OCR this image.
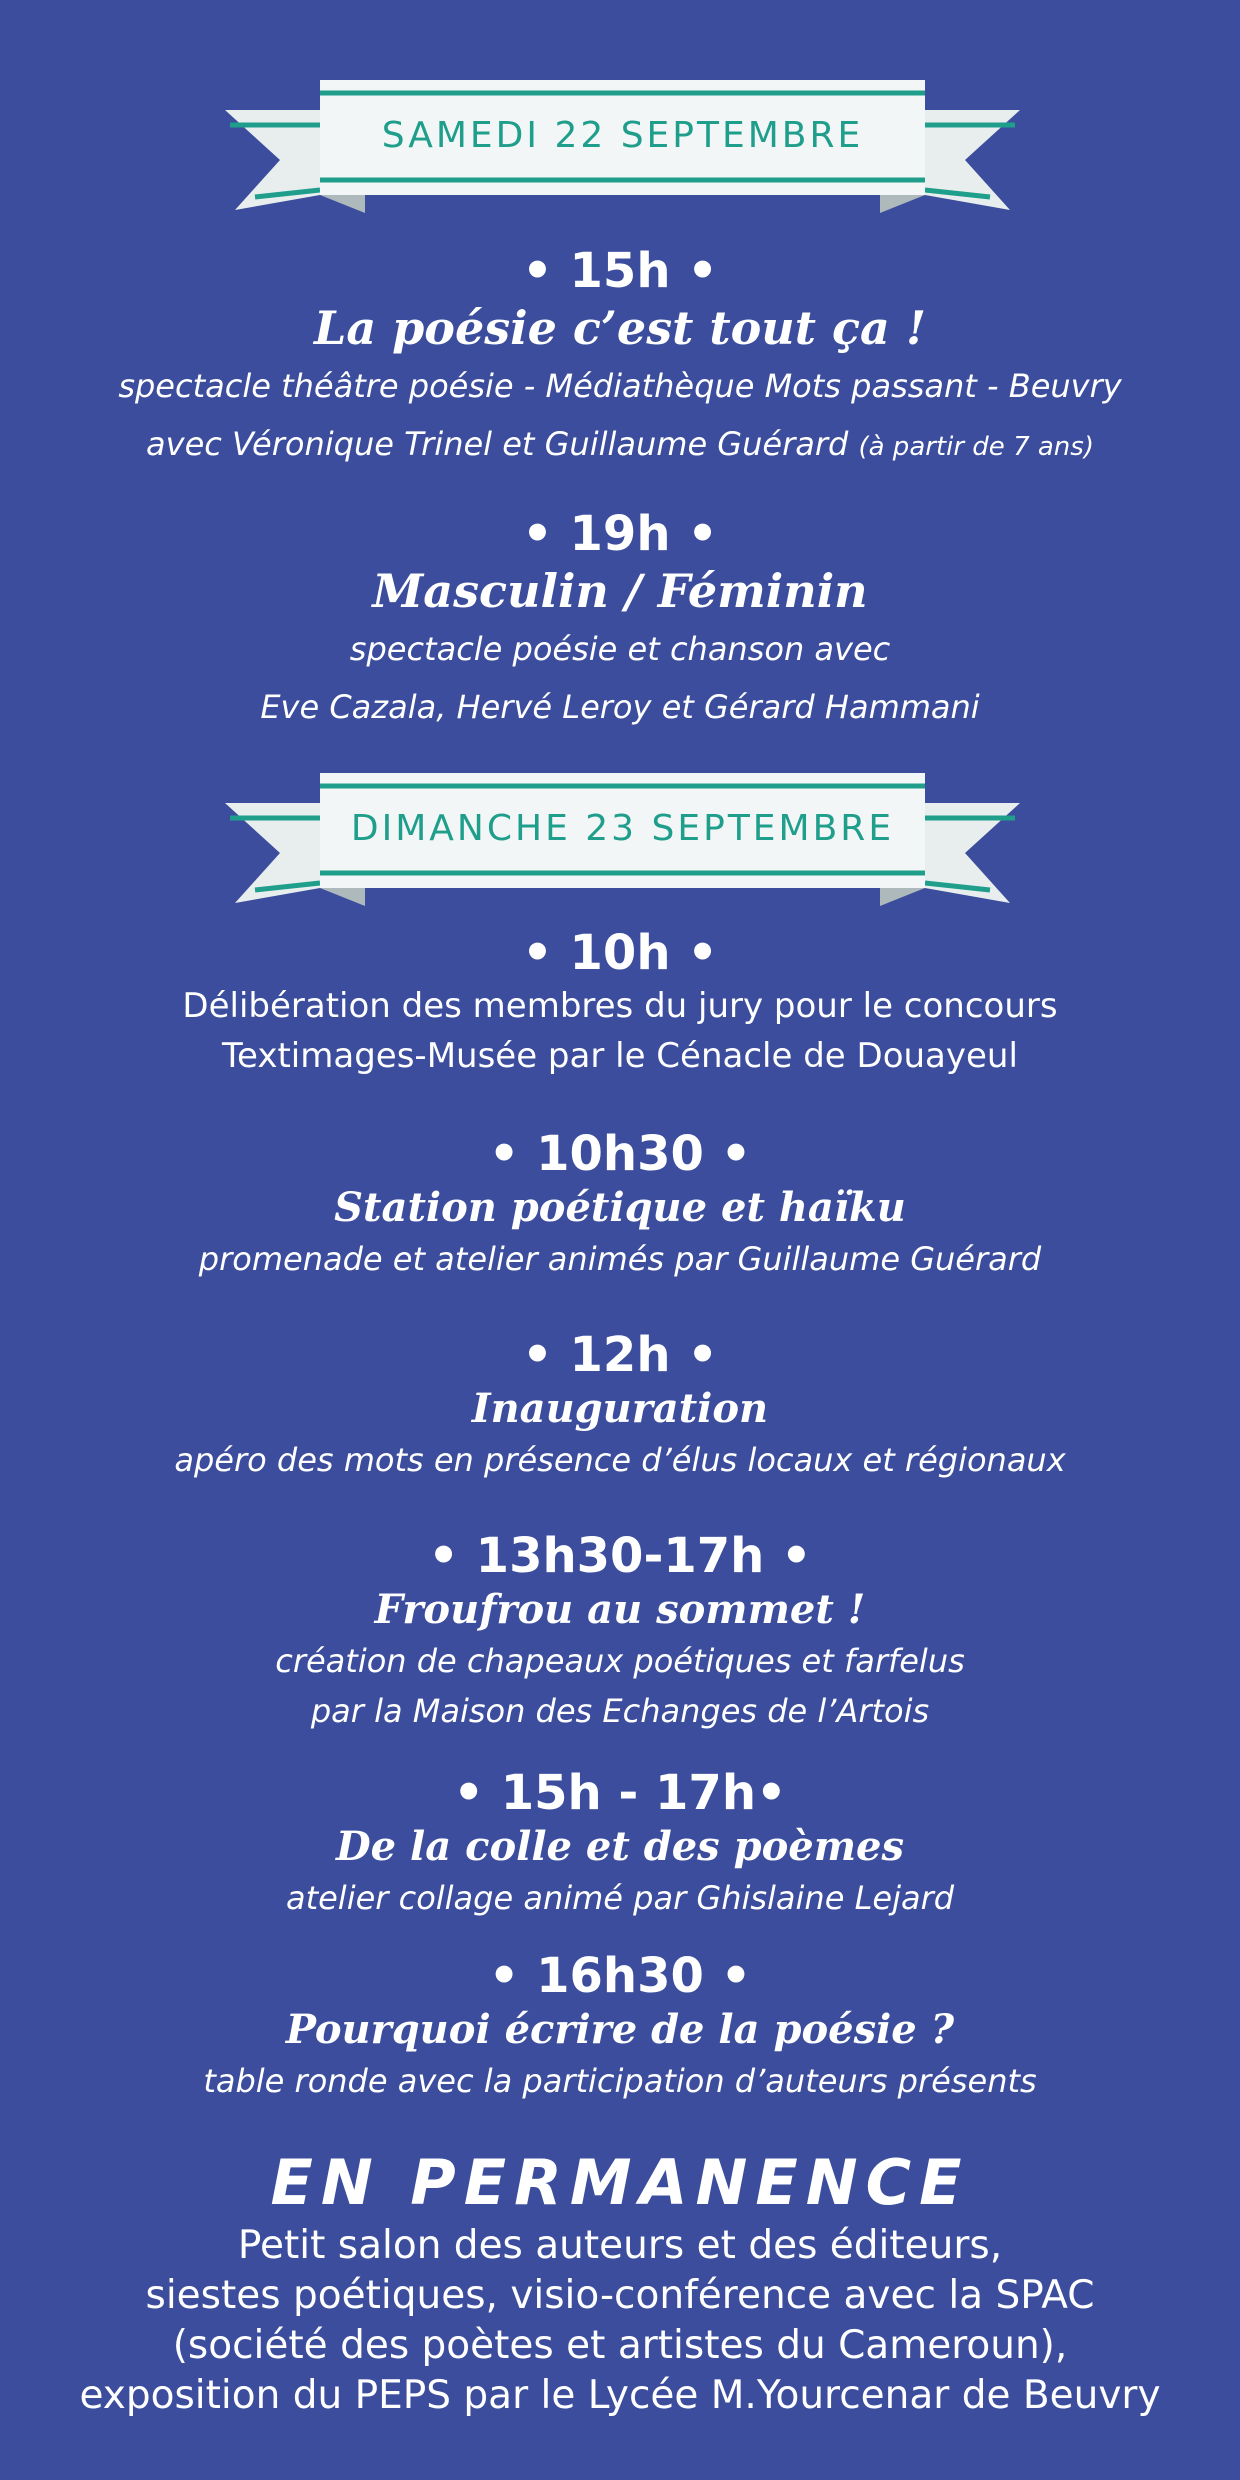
SAMEDI 22 SEPTEMBRE
• 15h •
La poésie c’est tout ça !
spectacle théâtre poésie - Médiathèque Mots passant - Beuvry
avec Véronique Trinel et Guillaume Guérard (à partir de 7 ans)
• 19h •
Masculin / Féminin
spectacle poésie et chanson avec
Eve Cazala, Hervé Leroy et Gérard Hammani
DIMANCHE 23 SEPTEMBRE
• 10h •
Délibération des membres du jury pour le concours
Textimages-Musée par le Cénacle de Douayeul
• 10h30 •
Station poétique et haïku
promenade et atelier animés par Guillaume Guérard
• 12h •
Inauguration
apéro des mots en présence d’élus locaux et régionaux
• 13h30-17h •
Froufrou au sommet !
création de chapeaux poétiques et farfelus
par la Maison des Echanges de l’Artois
• 15h - 17h•
De la colle et des poèmes
atelier collage animé par Ghislaine Lejard
• 16h30 •
Pourquoi écrire de la poésie ?
table ronde avec la participation d’auteurs présents
EN PERMANENCE
Petit salon des auteurs et des éditeurs,
siestes poétiques, visio-conférence avec la SPAC
(société des poètes et artistes du Cameroun),
exposition du PEPS par le Lycée M.Yourcenar de Beuvry
